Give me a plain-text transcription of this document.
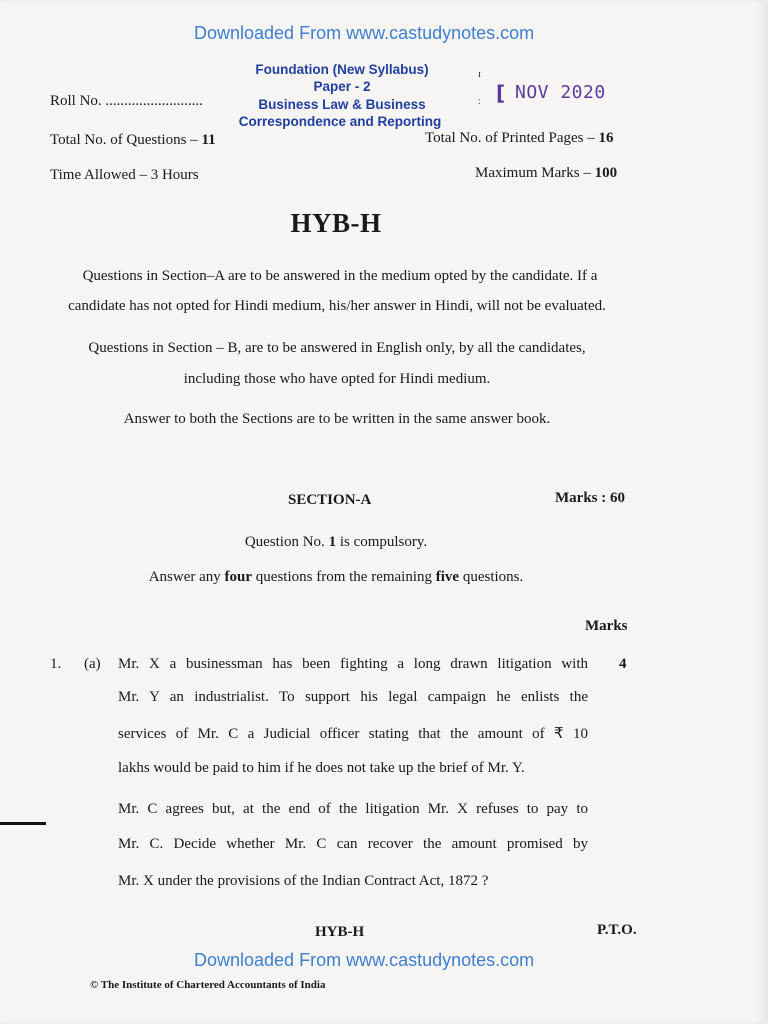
Downloaded From www.castudynotes.com
Foundation (New Syllabus)
Paper - 2
Business Law & Business
Correspondence and Reporting
[ NOV 2020
ɪ
:
Roll No. ..........................
Total No. of Questions – 11	Total No. of Printed Pages – 16
Time Allowed – 3 Hours	Maximum Marks – 100
HYB-H
Questions in Section–A are to be answered in the medium opted by the candidate. If a
candidate has not opted for Hindi medium, his/her answer in Hindi, will not be evaluated.
Questions in Section – B, are to be answered in English only, by all the candidates,
including those who have opted for Hindi medium.
Answer to both the Sections are to be written in the same answer book.
SECTION-A	Marks : 60
Question No. 1 is compulsory.
Answer any four questions from the remaining five questions.
Marks
1. (a)	4
Mr. X a businessman has been fighting a long drawn litigation with
Mr. Y an industrialist. To support his legal campaign he enlists the
services of Mr. C a Judicial officer stating that the amount of ₹ 10
lakhs would be paid to him if he does not take up the brief of Mr. Y.
Mr. C agrees but, at the end of the litigation Mr. X refuses to pay to
Mr. C. Decide whether Mr. C can recover the amount promised by
Mr. X under the provisions of the Indian Contract Act, 1872 ?
HYB-H	P.T.O.
Downloaded From www.castudynotes.com
© The Institute of Chartered Accountants of India
